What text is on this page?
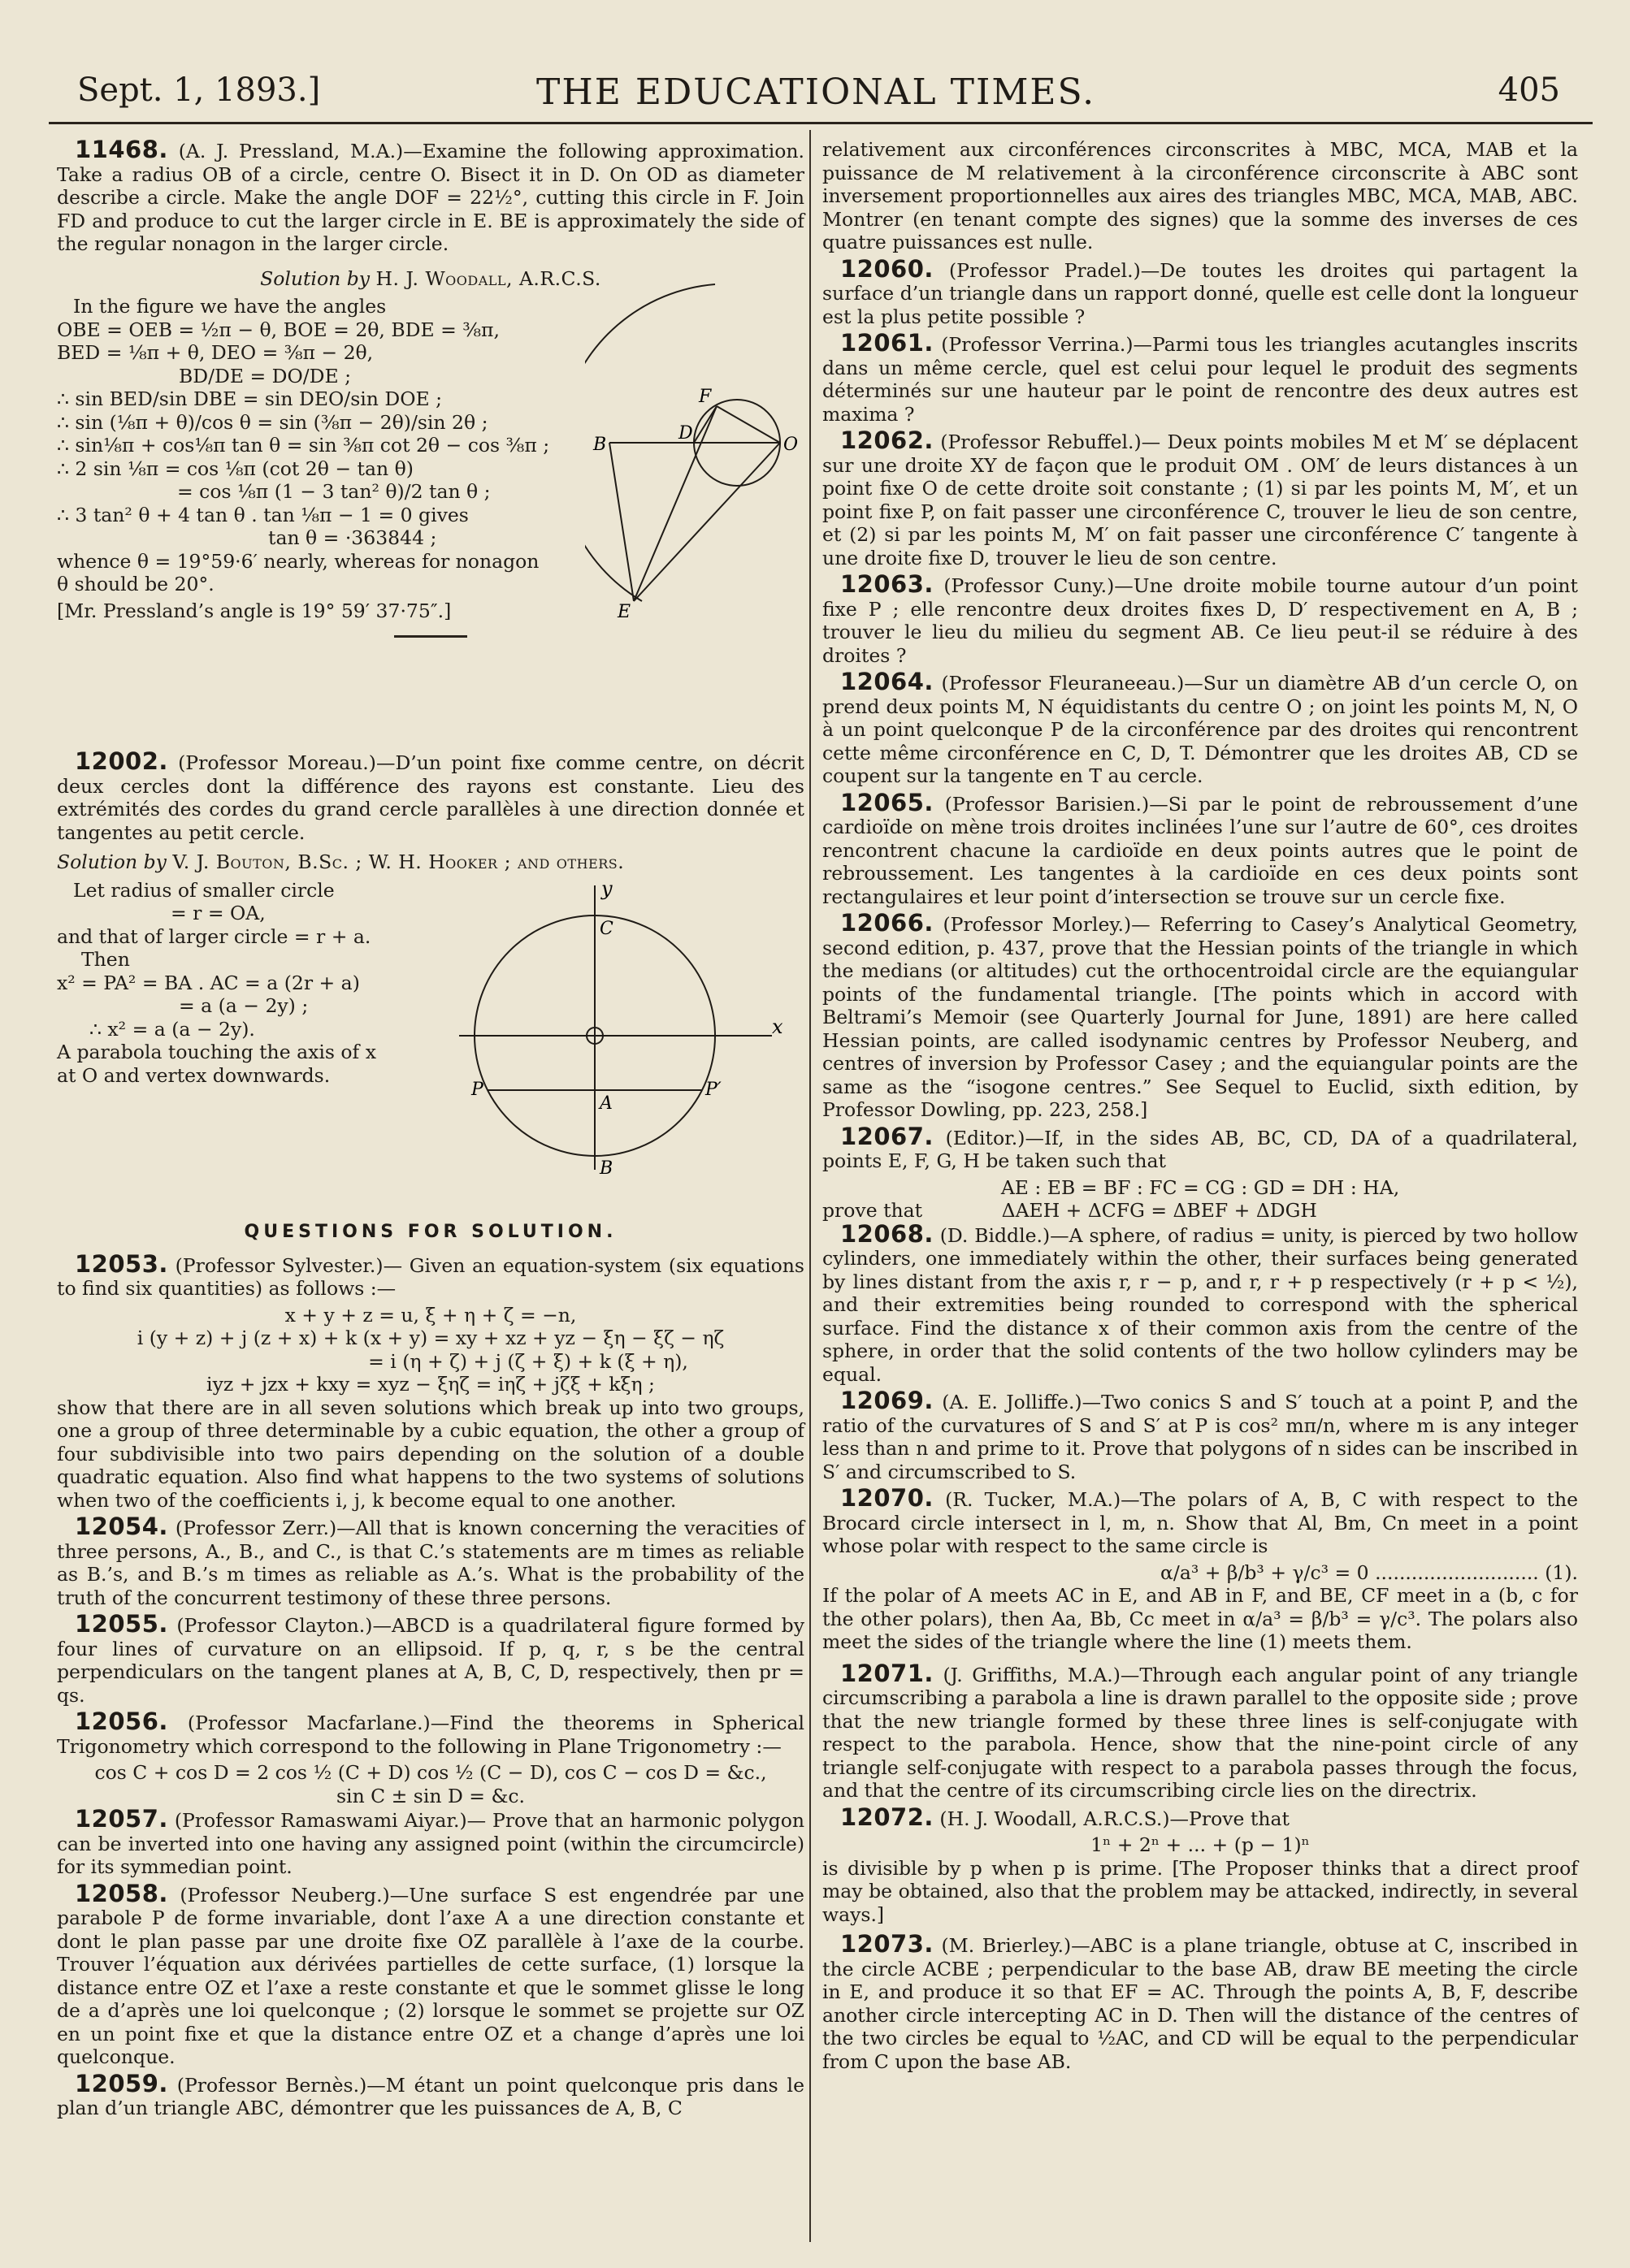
Sept. 1, 1893.]	THE EDUCATIONAL TIMES.	405
B
D
O
F
E
y
C
x
P
A
P′
B

11468. (A. J. Pressland, M.A.)—Examine the following approximation. Take a radius OB of a circle, centre O. Bisect it in D. On OD as diameter describe a circle. Make the angle DOF = 22½°, cutting this circle in F. Join FD and produce to cut the larger circle in E. BE is approximately the side of the regular nonagon in the larger circle.

Solution by H. J. Woodall, A.R.C.S.

In the figure we have the angles

OBE = OEB = ½π − θ, BOE = 2θ, BDE = ⅜π,

BED = ⅛π + θ, DEO = ⅜π − 2θ,

BD/DE = DO/DE ;

∴ sin BED/sin DBE = sin DEO/sin DOE ;

∴ sin (⅛π + θ)/cos θ = sin (⅜π − 2θ)/sin 2θ ;

∴ sin⅛π + cos⅛π tan θ = sin ⅜π cot 2θ − cos ⅜π ;

∴ 2 sin ⅛π = cos ⅛π (cot 2θ − tan θ)

= cos ⅛π (1 − 3 tan² θ)/2 tan θ ;

∴ 3 tan² θ + 4 tan θ . tan ⅛π − 1 = 0 gives

tan θ = ·363844 ;

whence θ = 19°59·6′ nearly, whereas for nonagon

θ should be 20°.

[Mr. Pressland’s angle is 19° 59′ 37·75″.]

12002. (Professor Moreau.)—D’un point fixe comme centre, on décrit deux cercles dont la différence des rayons est constante. Lieu des extrémités des cordes du grand cercle parallèles à une direction donnée et tangentes au petit cercle.

Solution by V. J. Bouton, B.Sc. ; W. H. Hooker ; and others.

Let radius of smaller circle

= r = OA,

and that of larger circle = r + a.

Then

x² = PA² = BA . AC = a (2r + a)

= a (a − 2y) ;

∴ x² = a (a − 2y).

A parabola touching the axis of x

at O and vertex downwards.

QUESTIONS FOR SOLUTION.

12053. (Professor Sylvester.)— Given an equation-system (six equations to find six quantities) as follows :—

x + y + z = u, ξ + η + ζ = −n,

i (y + z) + j (z + x) + k (x + y) = xy + xz + yz − ξη − ξζ − ηζ

= i (η + ζ) + j (ζ + ξ) + k (ξ + η),

iyz + jzx + kxy = xyz − ξηζ = iηζ + jζξ + kξη ;

show that there are in all seven solutions which break up into two groups, one a group of three determinable by a cubic equation, the other a group of four subdivisible into two pairs depending on the solution of a double quadratic equation. Also find what happens to the two systems of solutions when two of the coefficients i, j, k become equal to one another.

12054. (Professor Zerr.)—All that is known concerning the veracities of three persons, A., B., and C., is that C.’s statements are m times as reliable as B.’s, and B.’s m times as reliable as A.’s. What is the probability of the truth of the concurrent testimony of these three persons.

12055. (Professor Clayton.)—ABCD is a quadrilateral figure formed by four lines of curvature on an ellipsoid. If p, q, r, s be the central perpendiculars on the tangent planes at A, B, C, D, respectively, then pr = qs.

12056. (Professor Macfarlane.)—Find the theorems in Spherical Trigonometry which correspond to the following in Plane Trigonometry :—

cos C + cos D = 2 cos ½ (C + D) cos ½ (C − D), cos C − cos D = &c.,

sin C ± sin D = &c.

12057. (Professor Ramaswami Aiyar.)— Prove that an harmonic polygon can be inverted into one having any assigned point (within the circumcircle) for its symmedian point.

12058. (Professor Neuberg.)—Une surface S est engendrée par une parabole P de forme invariable, dont l’axe A a une direction constante et dont le plan passe par une droite fixe OZ parallèle à l’axe de la courbe. Trouver l’équation aux dérivées partielles de cette surface, (1) lorsque la distance entre OZ et l’axe a reste constante et que le sommet glisse le long de a d’après une loi quelconque ; (2) lorsque le sommet se projette sur OZ en un point fixe et que la distance entre OZ et a change d’après une loi quelconque.

12059. (Professor Bernès.)—M étant un point quelconque pris dans le plan d’un triangle ABC, démontrer que les puissances de A, B, C

relativement aux circonférences circonscrites à MBC, MCA, MAB et la puissance de M relativement à la circonférence circonscrite à ABC sont inversement proportionnelles aux aires des triangles MBC, MCA, MAB, ABC. Montrer (en tenant compte des signes) que la somme des inverses de ces quatre puissances est nulle.

12060. (Professor Pradel.)—De toutes les droites qui partagent la surface d’un triangle dans un rapport donné, quelle est celle dont la longueur est la plus petite possible ?

12061. (Professor Verrina.)—Parmi tous les triangles acutangles inscrits dans un même cercle, quel est celui pour lequel le produit des segments déterminés sur une hauteur par le point de rencontre des deux autres est maxima ?

12062. (Professor Rebuffel.)— Deux points mobiles M et M′ se déplacent sur une droite XY de façon que le produit OM . OM′ de leurs distances à un point fixe O de cette droite soit constante ; (1) si par les points M, M′, et un point fixe P, on fait passer une circonférence C, trouver le lieu de son centre, et (2) si par les points M, M′ on fait passer une circonférence C′ tangente à une droite fixe D, trouver le lieu de son centre.

12063. (Professor Cuny.)—Une droite mobile tourne autour d’un point fixe P ; elle rencontre deux droites fixes D, D′ respectivement en A, B ; trouver le lieu du milieu du segment AB. Ce lieu peut-il se réduire à des droites ?

12064. (Professor Fleuraneeau.)—Sur un diamètre AB d’un cercle O, on prend deux points M, N équidistants du centre O ; on joint les points M, N, O à un point quelconque P de la circonférence par des droites qui rencontrent cette même circonférence en C, D, T. Démontrer que les droites AB, CD se coupent sur la tangente en T au cercle.

12065. (Professor Barisien.)—Si par le point de rebroussement d’une cardioïde on mène trois droites inclinées l’une sur l’autre de 60°, ces droites rencontrent chacune la cardioïde en deux points autres que le point de rebroussement. Les tangentes à la cardioïde en ces deux points sont rectangulaires et leur point d’intersection se trouve sur un cercle fixe.

12066. (Professor Morley.)— Referring to Casey’s Analytical Geometry, second edition, p. 437, prove that the Hessian points of the triangle in which the medians (or altitudes) cut the orthocentroidal circle are the equiangular points of the fundamental triangle. [The points which in accord with Beltrami’s Memoir (see Quarterly Journal for June, 1891) are here called Hessian points, are called isodynamic centres by Professor Neuberg, and centres of inversion by Professor Casey ; and the equiangular points are the same as the “isogone centres.” See Sequel to Euclid, sixth edition, by Professor Dowling, pp. 223, 258.]

12067. (Editor.)—If, in the sides AB, BC, CD, DA of a quadrilateral, points E, F, G, H be taken such that

AE : EB = BF : FC = CG : GD = DH : HA,

prove that	ΔAEH + ΔCFG = ΔBEF + ΔDGH

12068. (D. Biddle.)—A sphere, of radius = unity, is pierced by two hollow cylinders, one immediately within the other, their surfaces being generated by lines distant from the axis r, r − p, and r, r + p respectively (r + p < ½), and their extremities being rounded to correspond with the spherical surface. Find the distance x of their common axis from the centre of the sphere, in order that the solid contents of the two hollow cylinders may be equal.

12069. (A. E. Jolliffe.)—Two conics S and S′ touch at a point P, and the ratio of the curvatures of S and S′ at P is cos² mπ/n, where m is any integer less than n and prime to it. Prove that polygons of n sides can be inscribed in S′ and circumscribed to S.

12070. (R. Tucker, M.A.)—The polars of A, B, C with respect to the Brocard circle intersect in l, m, n. Show that Al, Bm, Cn meet in a point whose polar with respect to the same circle is

α/a³ + β/b³ + γ/c³ = 0 ........................... (1).

If the polar of A meets AC in E, and AB in F, and BE, CF meet in a (b, c for the other polars), then Aa, Bb, Cc meet in α/a³ = β/b³ = γ/c³. The polars also meet the sides of the triangle where the line (1) meets them.

12071. (J. Griffiths, M.A.)—Through each angular point of any triangle circumscribing a parabola a line is drawn parallel to the opposite side ; prove that the new triangle formed by these three lines is self-conjugate with respect to the parabola. Hence, show that the nine-point circle of any triangle self-conjugate with respect to a parabola passes through the focus, and that the centre of its circumscribing circle lies on the directrix.

12072. (H. J. Woodall, A.R.C.S.)—Prove that

1ⁿ + 2ⁿ + ... + (p − 1)ⁿ

is divisible by p when p is prime. [The Proposer thinks that a direct proof may be obtained, also that the problem may be attacked, indirectly, in several ways.]

12073. (M. Brierley.)—ABC is a plane triangle, obtuse at C, inscribed in the circle ACBE ; perpendicular to the base AB, draw BE meeting the circle in E, and produce it so that EF = AC. Through the points A, B, F, describe another circle intercepting AC in D. Then will the distance of the centres of the two circles be equal to ½AC, and CD will be equal to the perpendicular from C upon the base AB.
